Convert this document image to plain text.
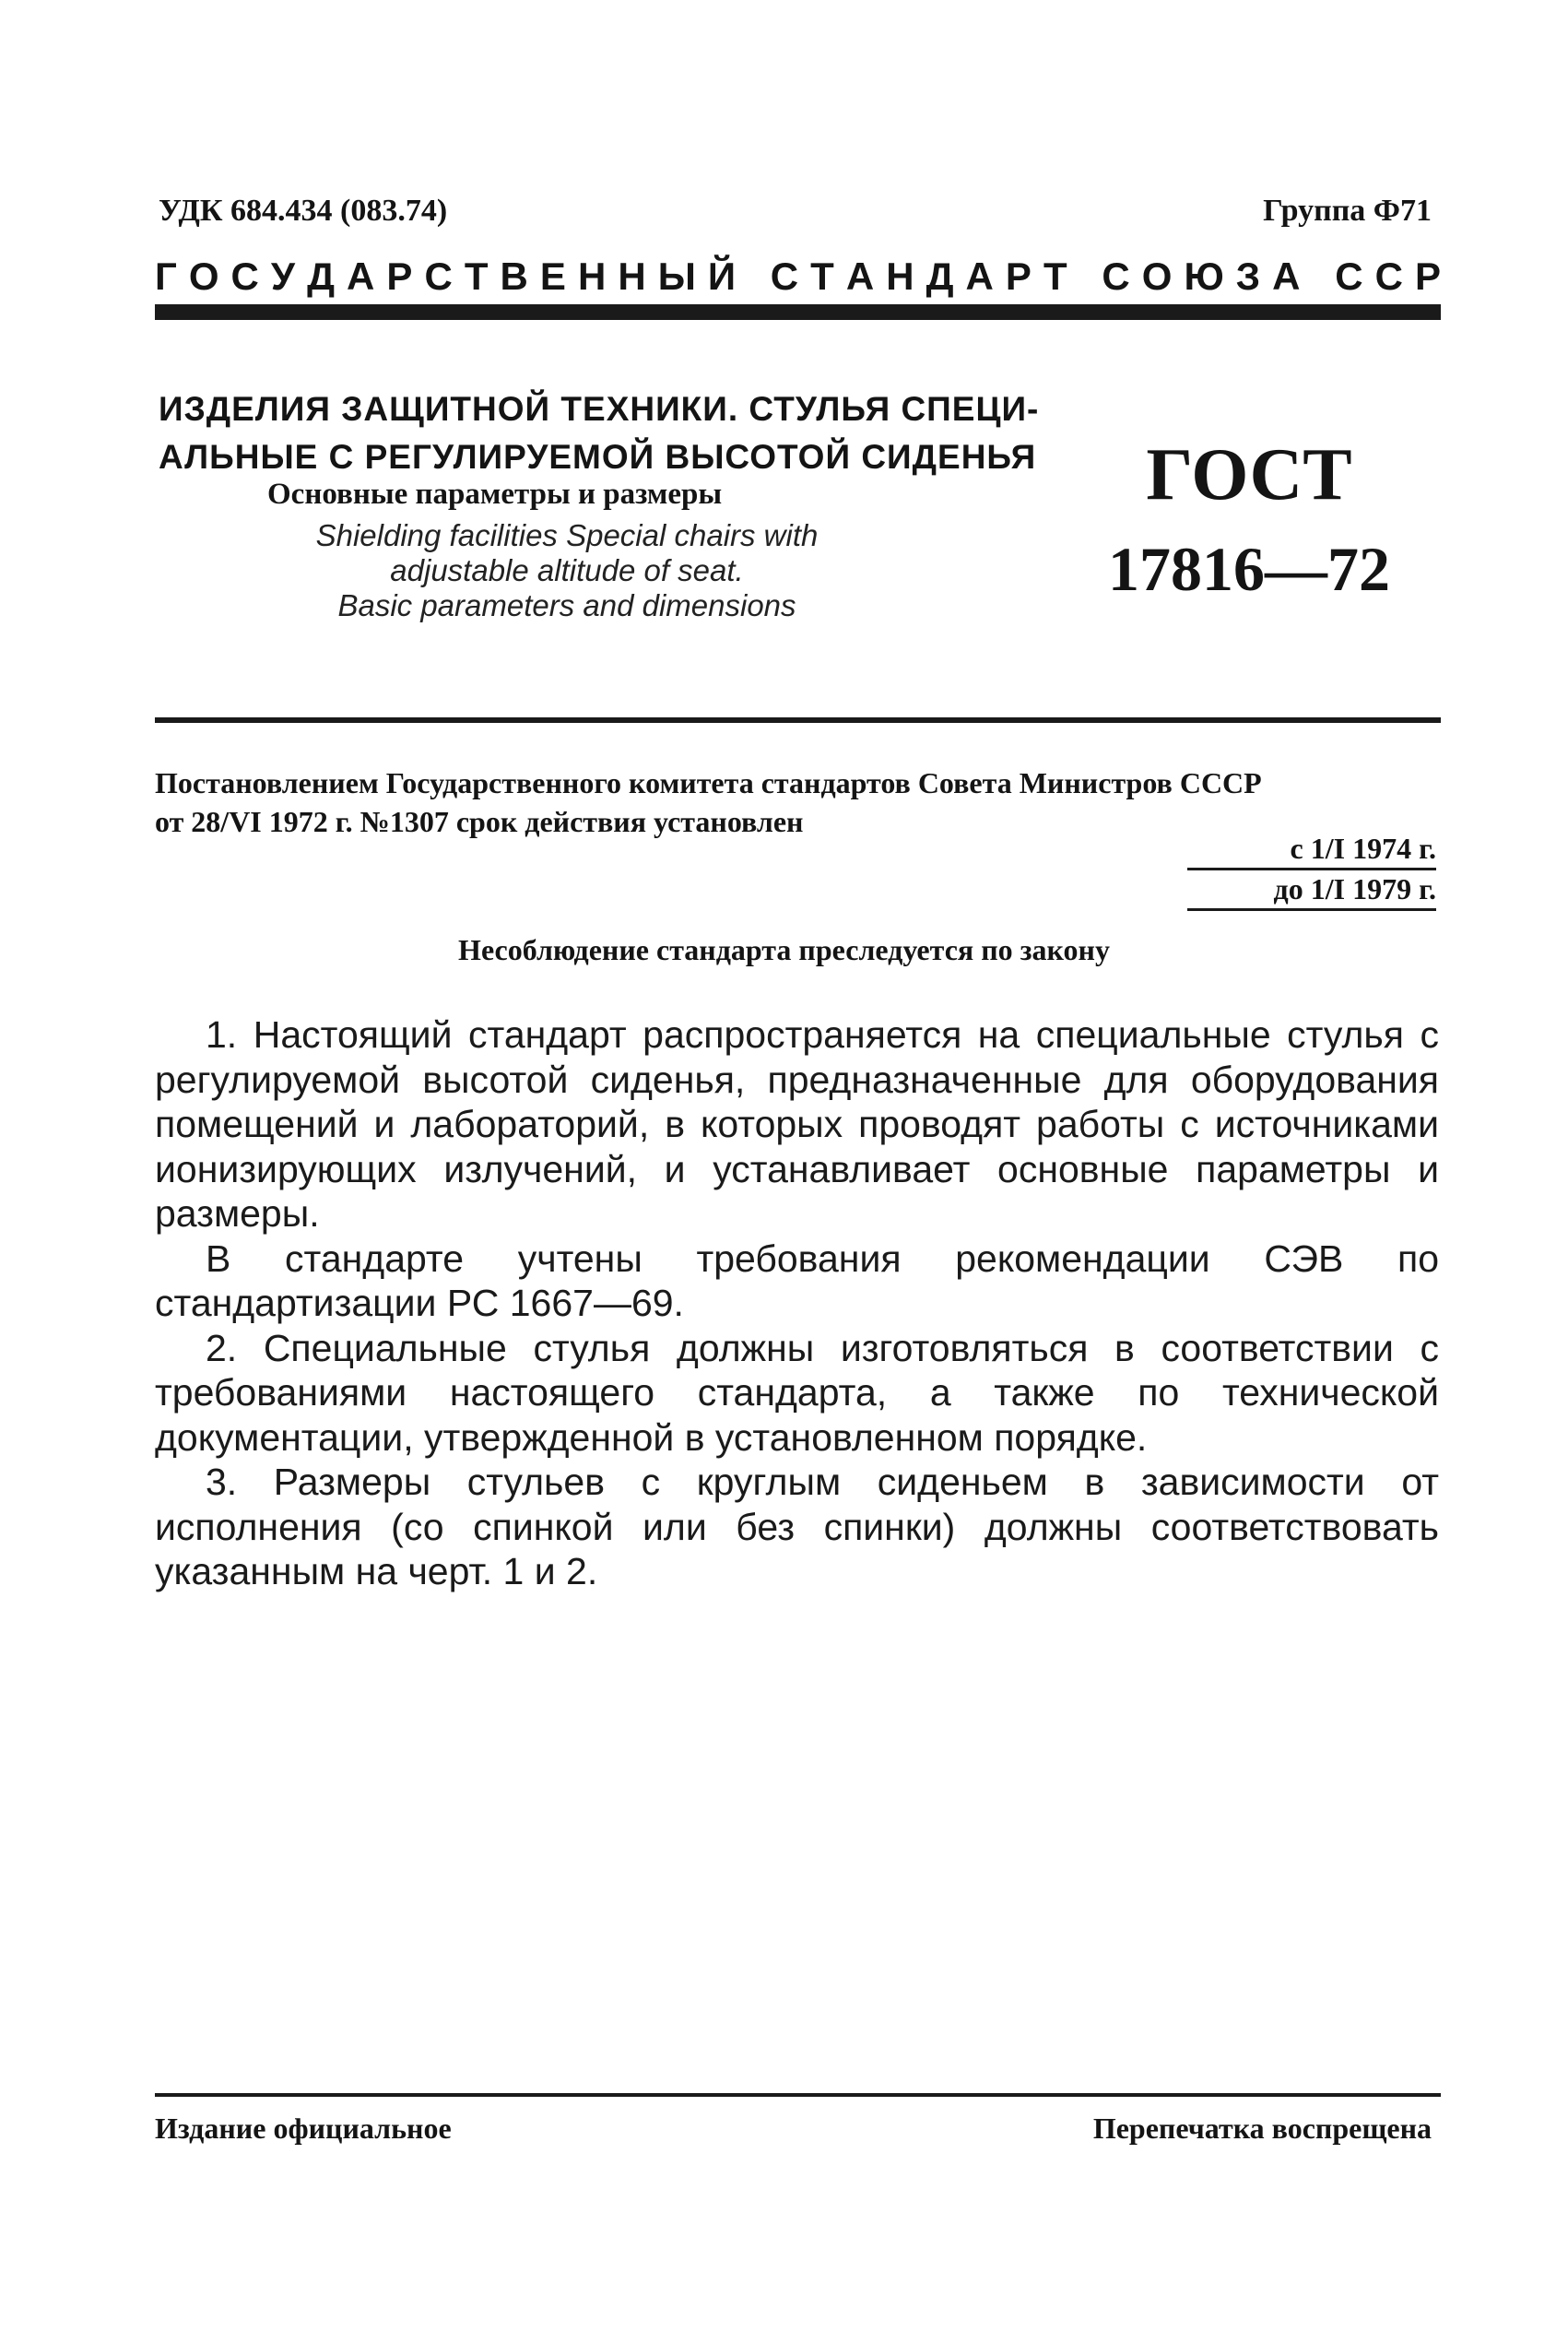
УДК 684.434 (083.74)	Группа Ф71
Г О С У Д А Р С Т В Е Н Н Ы Й
С Т А Н Д А Р Т
С О Ю З А
С С Р
ИЗДЕЛИЯ ЗАЩИТНОЙ ТЕХНИКИ. СТУЛЬЯ СПЕЦИ-
АЛЬНЫЕ С РЕГУЛИРУЕМОЙ ВЫСОТОЙ СИДЕНЬЯ
Основные параметры и размеры
Shielding facilities Special chairs with
adjustable altitude of seat.
Basic parameters and dimensions
ГОСТ
17816—72
Постановлением Государственного комитета стандартов Совета Министров СССР
от 28/VI 1972 г. №1307 срок действия установлен
с 1/I 1974 г.
до 1/I 1979 г.
Несоблюдение стандарта преследуется по закону

1. Настоящий стандарт распространяется на специальные стулья с регулируемой высотой сиденья, предназначенные для оборудования помещений и лабораторий, в которых проводят работы с источниками ионизирующих излучений, и устанавливает основные параметры и размеры.

В стандарте учтены требования рекомендации СЭВ по стандартизации РС 1667—69.

2. Специальные стулья должны изготовляться в соответствии с требованиями настоящего стандарта, а также по технической документации, утвержденной в установленном порядке.

3. Размеры стульев с круглым сиденьем в зависимости от исполнения (со спинкой или без спинки) должны соответствовать указанным на черт. 1 и 2.

Издание официальное	Перепечатка воспрещена
